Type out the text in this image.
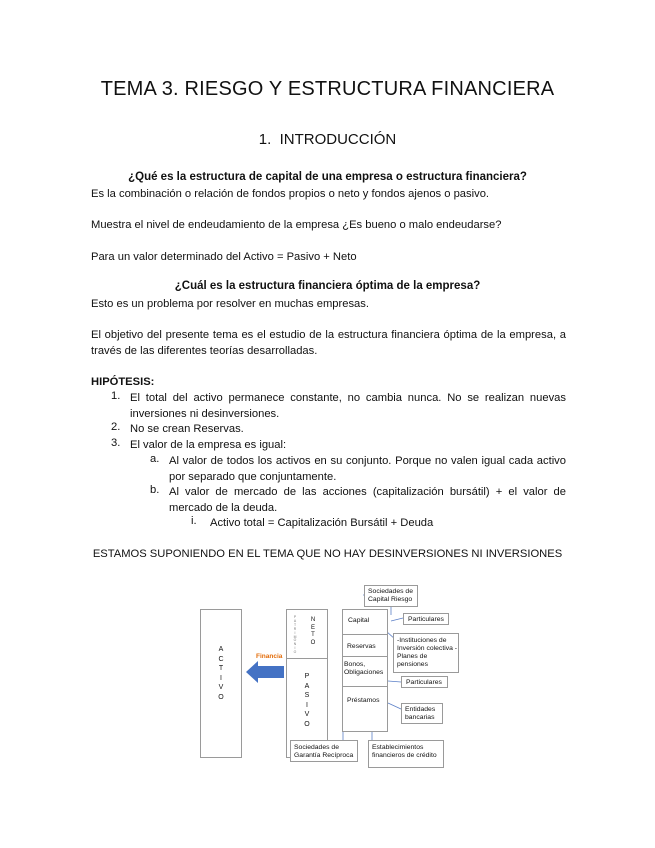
TEMA 3. RIESGO Y ESTRUCTURA FINANCIERA
1. INTRODUCCIÓN
¿Qué es la estructura de capital de una empresa o estructura financiera?
Es la combinación o relación de fondos propios o neto y fondos ajenos o pasivo.
Muestra el nivel de endeudamiento de la empresa ¿Es bueno o malo endeudarse?
Para un valor determinado del Activo = Pasivo + Neto
¿Cuál es la estructura financiera óptima de la empresa?
Esto es un problema por resolver en muchas empresas.
El objetivo del presente tema es el estudio de la estructura financiera óptima de la empresa, a través de las diferentes teorías desarrolladas.
HIPÓTESIS:
1. El total del activo permanece constante, no cambia nunca. No se realizan nuevas inversiones ni desinversiones.
2. No se crean Reservas.
3. El valor de la empresa es igual:
a. Al valor de todos los activos en su conjunto. Porque no valen igual cada activo por separado que conjuntamente.
b. Al valor de mercado de las acciones (capitalización bursátil) + el valor de mercado de la deuda.
i. Activo total = Capitalización Bursátil + Deuda
ESTAMOS SUPONIENDO EN EL TEMA QUE NO HAY DESINVERSIONES NI INVERSIONES
A
C
T
I
V
O
Financia
P
A
T
R
I
M
O
N
I
O
N
E
T
O
P
A
S
I
V
O
Capital
Reservas
Bonos, Obligaciones
Préstamos
Sociedades de Capital Riesgo
Particulares
-Instituciones de Inversión colectiva -Planes de pensiones
Particulares
Entidades bancarias
Sociedades de Garantía Recíproca
Establecimientos financieros de crédito
